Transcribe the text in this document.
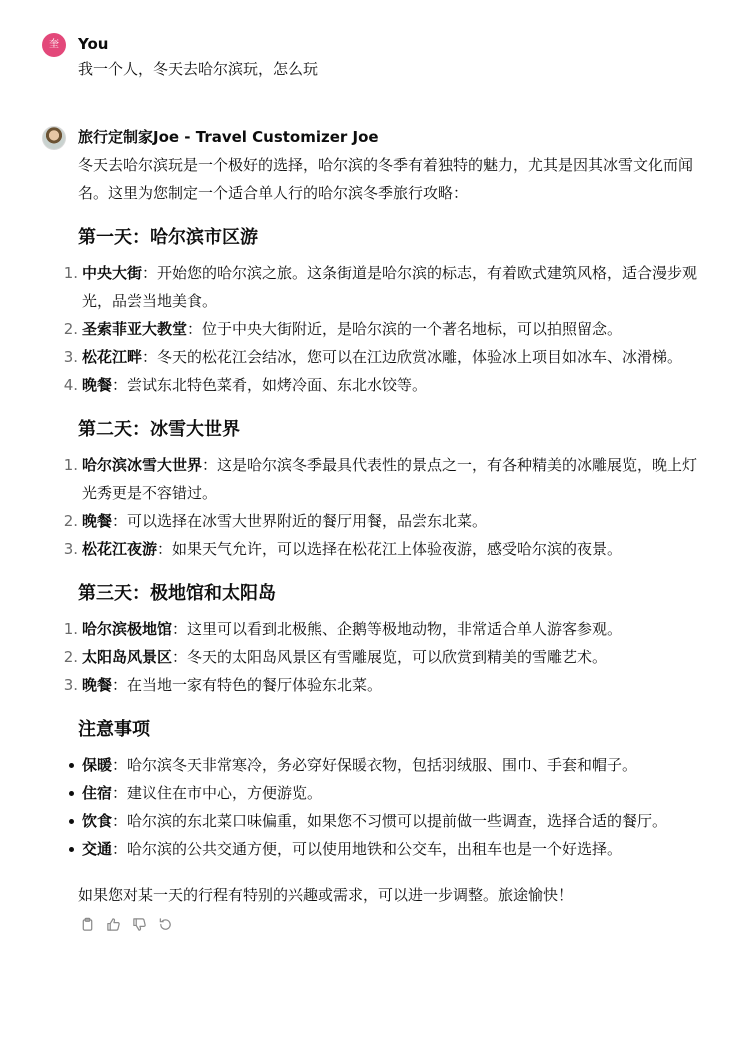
奎 You
我一个人，冬天去哈尔滨玩，怎么玩
旅行定制家Joe - Travel Customizer Joe
冬天去哈尔滨玩是一个极好的选择，哈尔滨的冬季有着独特的魅力，尤其是因其冰雪文化而闻名。这里为您制定一个适合单人行的哈尔滨冬季旅行攻略：
第一天：哈尔滨市区游
1. 中央大街：开始您的哈尔滨之旅。这条街道是哈尔滨的标志，有着欧式建筑风格，适合漫步观光，品尝当地美食。
2. 圣索菲亚大教堂：位于中央大街附近，是哈尔滨的一个著名地标，可以拍照留念。
3. 松花江畔：冬天的松花江会结冰，您可以在江边欣赏冰雕，体验冰上项目如冰车、冰滑梯。
4. 晚餐：尝试东北特色菜肴，如烤冷面、东北水饺等。
第二天：冰雪大世界
1. 哈尔滨冰雪大世界：这是哈尔滨冬季最具代表性的景点之一，有各种精美的冰雕展览，晚上灯光秀更是不容错过。
2. 晚餐：可以选择在冰雪大世界附近的餐厅用餐，品尝东北菜。
3. 松花江夜游：如果天气允许，可以选择在松花江上体验夜游，感受哈尔滨的夜景。
第三天：极地馆和太阳岛
1. 哈尔滨极地馆：这里可以看到北极熊、企鹅等极地动物，非常适合单人游客参观。
2. 太阳岛风景区：冬天的太阳岛风景区有雪雕展览，可以欣赏到精美的雪雕艺术。
3. 晚餐：在当地一家有特色的餐厅体验东北菜。
注意事项
保暖：哈尔滨冬天非常寒冷，务必穿好保暖衣物，包括羽绒服、围巾、手套和帽子。
住宿：建议住在市中心，方便游览。
饮食：哈尔滨的东北菜口味偏重，如果您不习惯可以提前做一些调查，选择合适的餐厅。
交通：哈尔滨的公共交通方便，可以使用地铁和公交车，出租车也是一个好选择。
如果您对某一天的行程有特别的兴趣或需求，可以进一步调整。旅途愉快！
